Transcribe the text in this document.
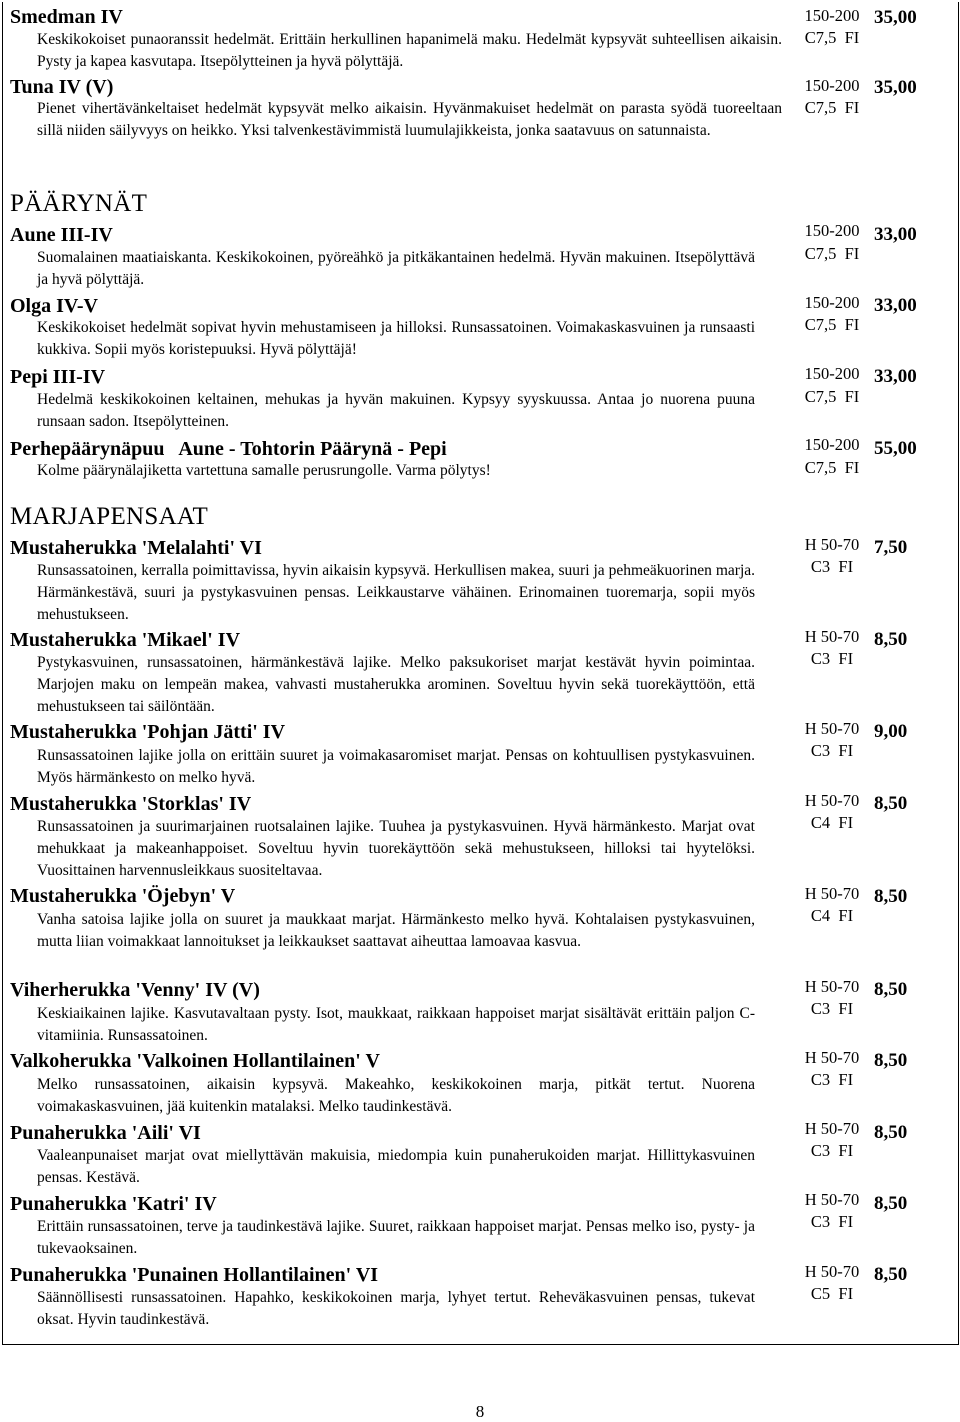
Smedman IV
Keskikokoiset punaoranssit hedelmät. Erittäin herkullinen hapanimelä maku. Hedelmät kypsyvät suhteellisen aikaisin. Pysty ja kapea kasvutapa. Itsepölytteinen ja hyvä pölyttäjä.
150-200
C7,5  FI
35,00
Tuna IV (V)
Pienet vihertävänkeltaiset hedelmät kypsyvät melko aikaisin. Hyvänmakuiset hedelmät on parasta syödä tuoreeltaan sillä niiden säilyvyys on heikko. Yksi talvenkestävimmistä luumulajikkeista, jonka saatavuus on satunnaista.
150-200
C7,5  FI
35,00
PÄÄRYNÄT
Aune III-IV
Suomalainen maatiaiskanta. Keskikokoinen, pyöreähkö ja pitkäkantainen hedelmä. Hyvän makuinen. Itsepölyttävä ja hyvä pölyttäjä.
150-200
C7,5  FI
33,00
Olga IV-V
Keskikokoiset hedelmät sopivat hyvin mehustamiseen ja hilloksi. Runsassatoinen. Voimakaskasvuinen ja runsaasti kukkiva. Sopii myös koristepuuksi. Hyvä pölyttäjä!
150-200
C7,5  FI
33,00
Pepi III-IV
Hedelmä keskikokoinen keltainen, mehukas ja hyvän makuinen. Kypsyy syyskuussa. Antaa jo nuorena puuna runsaan sadon. Itsepölytteinen.
150-200
C7,5  FI
33,00
Perhepäärynäpuu   Aune - Tohtorin Päärynä - Pepi
Kolme päärynälajiketta vartettuna samalle perusrungolle. Varma pölytys!
150-200
C7,5  FI
55,00
MARJAPENSAAT
Mustaherukka 'Melalahti' VI
Runsassatoinen, kerralla poimittavissa, hyvin aikaisin kypsyvä. Herkullisen makea, suuri ja pehmeäkuorinen marja. Härmänkestävä, suuri ja pystykasvuinen pensas. Leikkaustarve vähäinen. Erinomainen tuoremarja, sopii myös mehustukseen.
H 50-70
C3  FI
7,50
Mustaherukka 'Mikael' IV
Pystykasvuinen, runsassatoinen, härmänkestävä lajike. Melko paksukoriset marjat kestävät hyvin poimintaa. Marjojen maku on lempeän makea, vahvasti mustaherukka arominen. Soveltuu hyvin sekä tuorekäyttöön, että mehustukseen tai säilöntään.
H 50-70
C3  FI
8,50
Mustaherukka 'Pohjan Jätti' IV
Runsassatoinen lajike jolla on erittäin suuret ja voimakasaromiset marjat. Pensas on kohtuullisen pystykasvuinen. Myös härmänkesto on melko hyvä.
H 50-70
C3  FI
9,00
Mustaherukka 'Storklas' IV
Runsassatoinen ja suurimarjainen ruotsalainen lajike. Tuuhea ja pystykasvuinen. Hyvä härmänkesto. Marjat ovat mehukkaat ja makeanhappoiset. Soveltuu hyvin tuorekäyttöön sekä mehustukseen, hilloksi tai hyytelöksi. Vuosittainen harvennusleikkaus suositeltavaa.
H 50-70
C4  FI
8,50
Mustaherukka 'Öjebyn' V
Vanha satoisa lajike jolla on suuret ja maukkaat marjat. Härmänkesto melko hyvä. Kohtalaisen pystykasvuinen, mutta liian voimakkaat lannoitukset ja leikkaukset saattavat aiheuttaa lamoavaa kasvua.
H 50-70
C4  FI
8,50
Viherherukka 'Venny' IV (V)
Keskiaikainen lajike. Kasvutavaltaan pysty. Isot, maukkaat, raikkaan happoiset marjat sisältävät erittäin paljon C-vitamiinia. Runsassatoinen.
H 50-70
C3  FI
8,50
Valkoherukka 'Valkoinen Hollantilainen' V
Melko runsassatoinen, aikaisin kypsyvä. Makeahko, keskikokoinen marja, pitkät tertut. Nuorena voimakaskasvuinen, jää kuitenkin matalaksi. Melko taudinkestävä.
H 50-70
C3  FI
8,50
Punaherukka 'Aili' VI
Vaaleanpunaiset marjat ovat miellyttävän makuisia, miedompia kuin punaherukoiden marjat. Hillittykasvuinen pensas. Kestävä.
H 50-70
C3  FI
8,50
Punaherukka 'Katri' IV
Erittäin runsassatoinen, terve ja taudinkestävä lajike. Suuret, raikkaan happoiset marjat. Pensas melko iso, pysty- ja tukevaoksainen.
H 50-70
C3  FI
8,50
Punaherukka 'Punainen Hollantilainen' VI
Säännöllisesti runsassatoinen. Hapahko, keskikokoinen marja, lyhyet tertut. Reheväkasvuinen pensas, tukevat oksat. Hyvin taudinkestävä.
H 50-70
C5  FI
8,50
8
